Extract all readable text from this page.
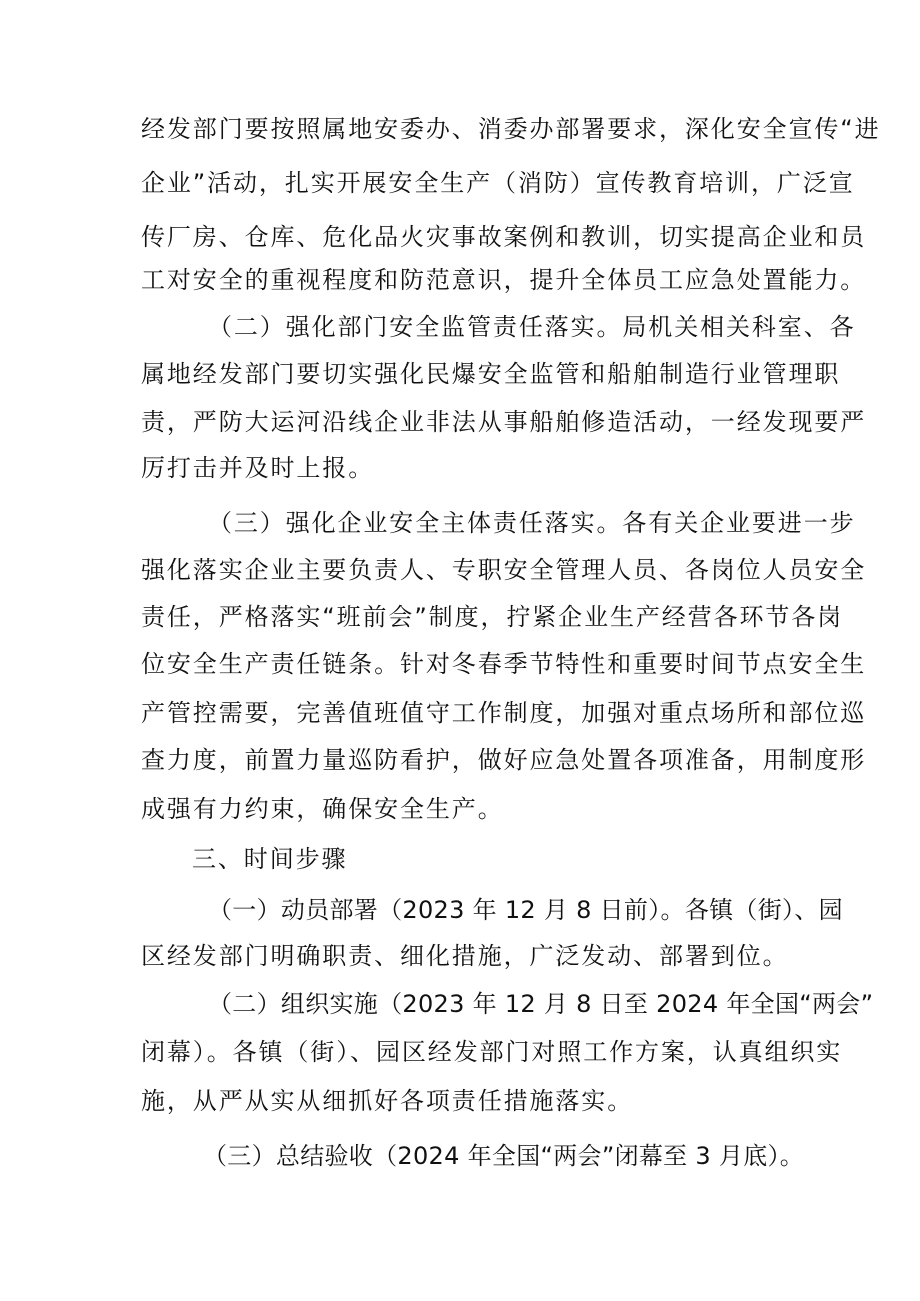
经发部门要按照属地安委办、消委办部署要求，深化安全宣传“进
企业”活动，扎实开展安全生产（消防）宣传教育培训，广泛宣
传厂房、仓库、危化品火灾事故案例和教训，切实提高企业和员
工对安全的重视程度和防范意识，提升全体员工应急处置能力。
（二）强化部门安全监管责任落实。局机关相关科室、各
属地经发部门要切实强化民爆安全监管和船舶制造行业管理职
责，严防大运河沿线企业非法从事船舶修造活动，一经发现要严
厉打击并及时上报。
（三）强化企业安全主体责任落实。各有关企业要进一步
强化落实企业主要负责人、专职安全管理人员、各岗位人员安全
责任，严格落实“班前会”制度，拧紧企业生产经营各环节各岗
位安全生产责任链条。针对冬春季节特性和重要时间节点安全生
产管控需要，完善值班值守工作制度，加强对重点场所和部位巡
查力度，前置力量巡防看护，做好应急处置各项准备，用制度形
成强有力约束，确保安全生产。
三、时间步骤
（一）动员部署（2023 年 12 月 8 日前）。各镇（街）、园
区经发部门明确职责、细化措施，广泛发动、部署到位。
（二）组织实施（2023 年 12 月 8 日至 2024 年全国“两会”
闭幕）。各镇（街）、园区经发部门对照工作方案，认真组织实
施，从严从实从细抓好各项责任措施落实。
（三）总结验收（2024 年全国“两会”闭幕至 3 月底）。
